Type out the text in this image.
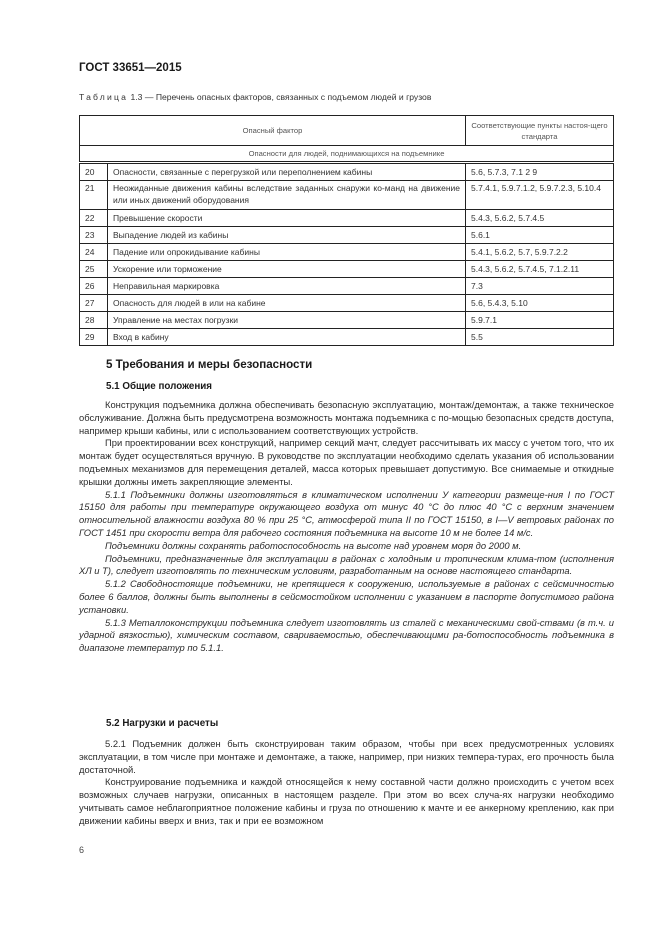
ГОСТ 33651—2015
Таблица 1.3 — Перечень опасных факторов, связанных с подъемом людей и грузов
Опасный фактор		Соответствующие пункты настоя-щего стандарта
Опасности для людей, поднимающихся на подъемнике		
20	Опасности, связанные с перегрузкой или переполнением кабины	5.6, 5.7.3, 7.1 2 9
21	Неожиданные движения кабины вследствие заданных снаружи ко-манд на движение или иных движений оборудования	5.7.4.1, 5.9.7.1.2, 5.9.7.2.3, 5.10.4
22	Превышение скорости	5.4.3, 5.6.2, 5.7.4.5
23	Выпадение людей из кабины	5.6.1
24	Падение или опрокидывание кабины	5.4.1, 5.6.2, 5.7, 5.9.7.2.2
25	Ускорение или торможение	5.4.3, 5.6.2, 5.7.4.5, 7.1.2.11
26	Неправильная маркировка	7.3
27	Опасность для людей в или на кабине	5.6, 5.4.3, 5.10
28	Управление на местах погрузки	5.9.7.1
29	Вход в кабину	5.5
5 Требования и меры безопасности
5.1 Общие положения

Конструкция подъемника должна обеспечивать безопасную эксплуатацию, монтаж/демонтаж, а также техническое обслуживание. Должна быть предусмотрена возможность монтажа подъемника с по-мощью безопасных средств доступа, например крыши кабины, или с использованием соответствующих устройств.

При проектировании всех конструкций, например секций мачт, следует рассчитывать их массу с учетом того, что их монтаж будет осуществляться вручную. В руководстве по эксплуатации необходимо сделать указания об использовании подъемных механизмов для перемещения деталей, масса которых превышает допустимую. Все снимаемые и откидные крышки должны иметь закрепляющие элементы.

5.1.1 Подъемники должны изготовляться в климатическом исполнении У категории размеще-ния I по ГОСТ 15150 для работы при температуре окружающего воздуха от минус 40 °С до плюс 40 °С с верхним значением относительной влажности воздуха 80 % при 25 °С, атмосферой типа II по ГОСТ 15150, в I—V ветровых районах по ГОСТ 1451 при скорости ветра для рабочего состояния подъемника на высоте 10 м не более 14 м/с.

Подъемники должны сохранять работоспособность на высоте над уровнем моря до 2000 м.

Подъемники, предназначенные для эксплуатации в районах с холодным и тропическим клима-том (исполнения ХЛ и Т), следует изготовлять по техническим условиям, разработанным на основе настоящего стандарта.

5.1.2 Свободностоящие подъемники, не крепящиеся к сооружению, используемые в районах с сейсмичностью более 6 баллов, должны быть выполнены в сейсмостойком исполнении с указанием в паспорте допустимого района установки.

5.1.3 Металлоконструкции подъемника следует изготовлять из сталей с механическими свой-ствами (в т.ч. и ударной вязкостью), химическим составом, свариваемостью, обеспечивающими ра-ботоспособность подъемника в диапазоне температур по 5.1.1.

5.2 Нагрузки и расчеты

5.2.1 Подъемник должен быть сконструирован таким образом, чтобы при всех предусмотренных условиях эксплуатации, в том числе при монтаже и демонтаже, а также, например, при низких темпера-турах, его прочность была достаточной.

Конструирование подъемника и каждой относящейся к нему составной части должно происходить с учетом всех возможных случаев нагрузки, описанных в настоящем разделе. При этом во всех случа-ях нагрузки необходимо учитывать самое неблагоприятное положение кабины и груза по отношению к мачте и ее анкерному креплению, как при движении кабины вверх и вниз, так и при ее возможном

6
